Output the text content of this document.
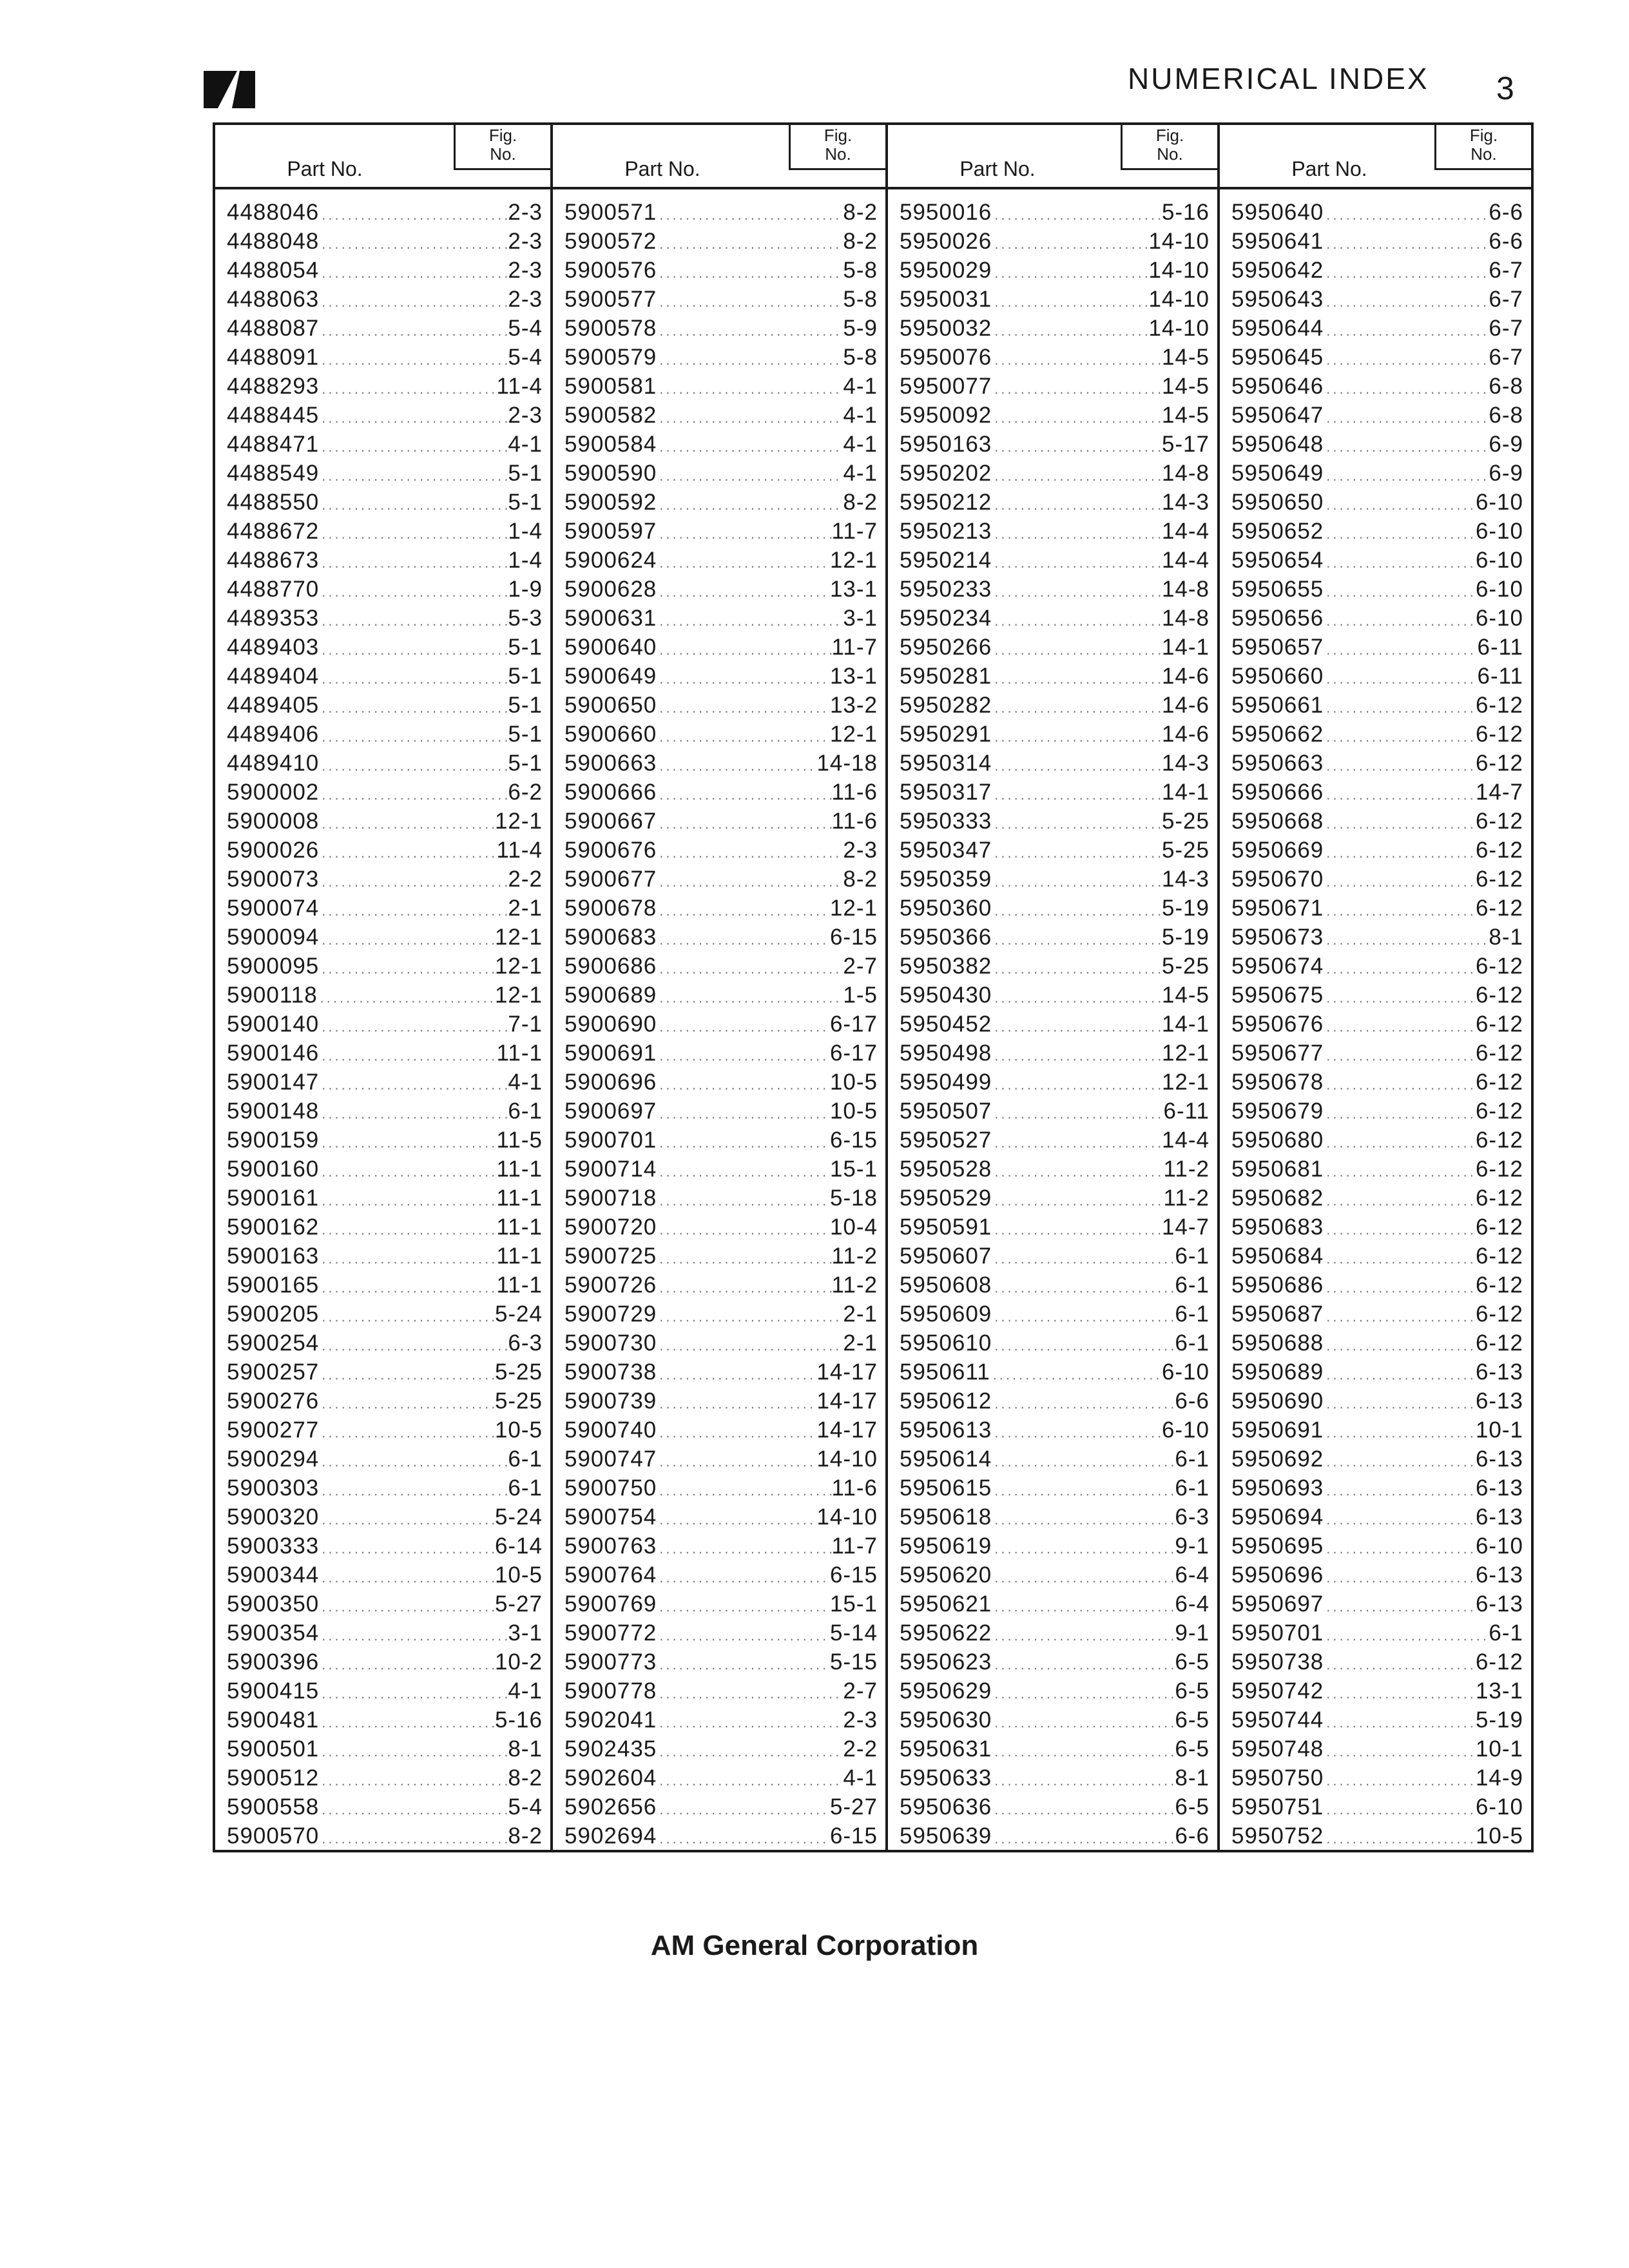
NUMERICAL INDEX 3
Part No.
Fig.
No.
4488046 .....	2-3
4488048 .....	2-3
4488054 .....	2-3
4488063 .....	2-3
4488087 .....	5-4
4488091 .....	5-4
4488293 .....	11-4
4488445 .....	2-3
4488471 .....	4-1
4488549 .....	5-1
4488550 .....	5-1
4488672 .....	1-4
4488673 .....	1-4
4488770 .....	1-9
4489353 .....	5-3
4489403 .....	5-1
4489404 .....	5-1
4489405 .....	5-1
4489406 .....	5-1
4489410 .....	5-1
5900002 .....	6-2
5900008 .....	12-1
5900026 .....	11-4
5900073 .....	2-2
5900074 .....	2-1
5900094 .....	12-1
5900095 .....	12-1
5900118 .....	12-1
5900140 .....	7-1
5900146 .....	11-1
5900147 .....	4-1
5900148 .....	6-1
5900159 .....	11-5
5900160 .....	11-1
5900161 .....	11-1
5900162 .....	11-1
5900163 .....	11-1
5900165 .....	11-1
5900205 .....	5-24
5900254 .....	6-3
5900257 .....	5-25
5900276 .....	5-25
5900277 .....	10-5
5900294 .....	6-1
5900303 .....	6-1
5900320 .....	5-24
5900333 .....	6-14
5900344 .....	10-5
5900350 .....	5-27
5900354 .....	3-1
5900396 .....	10-2
5900415 .....	4-1
5900481 .....	5-16
5900501 .....	8-1
5900512 .....	8-2
5900558 .....	5-4
5900570 .....	8-2
Part No.
Fig.
No.
5900571 .....	8-2
5900572 .....	8-2
5900576 .....	5-8
5900577 .....	5-8
5900578 .....	5-9
5900579 .....	5-8
5900581 .....	4-1
5900582 .....	4-1
5900584 .....	4-1
5900590 .....	4-1
5900592 .....	8-2
5900597 .....	11-7
5900624 .....	12-1
5900628 .....	13-1
5900631 .....	3-1
5900640 .....	11-7
5900649 .....	13-1
5900650 .....	13-2
5900660 .....	12-1
5900663 .....	14-18
5900666 .....	11-6
5900667 .....	11-6
5900676 .....	2-3
5900677 .....	8-2
5900678 .....	12-1
5900683 .....	6-15
5900686 .....	2-7
5900689 .....	1-5
5900690 .....	6-17
5900691 .....	6-17
5900696 .....	10-5
5900697 .....	10-5
5900701 .....	6-15
5900714 .....	15-1
5900718 .....	5-18
5900720 .....	10-4
5900725 .....	11-2
5900726 .....	11-2
5900729 .....	2-1
5900730 .....	2-1
5900738 .....	14-17
5900739 .....	14-17
5900740 .....	14-17
5900747 .....	14-10
5900750 .....	11-6
5900754 .....	14-10
5900763 .....	11-7
5900764 .....	6-15
5900769 .....	15-1
5900772 .....	5-14
5900773 .....	5-15
5900778 .....	2-7
5902041 .....	2-3
5902435 .....	2-2
5902604 .....	4-1
5902656 .....	5-27
5902694 .....	6-15
Part No.
Fig.
No.
5950016 .....	5-16
5950026 .....	14-10
5950029 .....	14-10
5950031 .....	14-10
5950032 .....	14-10
5950076 .....	14-5
5950077 .....	14-5
5950092 .....	14-5
5950163 .....	5-17
5950202 .....	14-8
5950212 .....	14-3
5950213 .....	14-4
5950214 .....	14-4
5950233 .....	14-8
5950234 .....	14-8
5950266 .....	14-1
5950281 .....	14-6
5950282 .....	14-6
5950291 .....	14-6
5950314 .....	14-3
5950317 .....	14-1
5950333 .....	5-25
5950347 .....	5-25
5950359 .....	14-3
5950360 .....	5-19
5950366 .....	5-19
5950382 .....	5-25
5950430 .....	14-5
5950452 .....	14-1
5950498 .....	12-1
5950499 .....	12-1
5950507 .....	6-11
5950527 .....	14-4
5950528 .....	11-2
5950529 .....	11-2
5950591 .....	14-7
5950607 .....	6-1
5950608 .....	6-1
5950609 .....	6-1
5950610 .....	6-1
5950611 .....	6-10
5950612 .....	6-6
5950613 .....	6-10
5950614 .....	6-1
5950615 .....	6-1
5950618 .....	6-3
5950619 .....	9-1
5950620 .....	6-4
5950621 .....	6-4
5950622 .....	9-1
5950623 .....	6-5
5950629 .....	6-5
5950630 .....	6-5
5950631 .....	6-5
5950633 .....	8-1
5950636 .....	6-5
5950639 .....	6-6
Part No.
Fig.
No.
5950640 .....	6-6
5950641 .....	6-6
5950642 .....	6-7
5950643 .....	6-7
5950644 .....	6-7
5950645 .....	6-7
5950646 .....	6-8
5950647 .....	6-8
5950648 .....	6-9
5950649 .....	6-9
5950650 .....	6-10
5950652 .....	6-10
5950654 .....	6-10
5950655 .....	6-10
5950656 .....	6-10
5950657 .....	6-11
5950660 .....	6-11
5950661 .....	6-12
5950662 .....	6-12
5950663 .....	6-12
5950666 .....	14-7
5950668 .....	6-12
5950669 .....	6-12
5950670 .....	6-12
5950671 .....	6-12
5950673 .....	8-1
5950674 .....	6-12
5950675 .....	6-12
5950676 .....	6-12
5950677 .....	6-12
5950678 .....	6-12
5950679 .....	6-12
5950680 .....	6-12
5950681 .....	6-12
5950682 .....	6-12
5950683 .....	6-12
5950684 .....	6-12
5950686 .....	6-12
5950687 .....	6-12
5950688 .....	6-12
5950689 .....	6-13
5950690 .....	6-13
5950691 .....	10-1
5950692 .....	6-13
5950693 .....	6-13
5950694 .....	6-13
5950695 .....	6-10
5950696 .....	6-13
5950697 .....	6-13
5950701 .....	6-1
5950738 .....	6-12
5950742 .....	13-1
5950744 .....	5-19
5950748 .....	10-1
5950750 .....	14-9
5950751 .....	6-10
5950752 .....	10-5
AM General Corporation
